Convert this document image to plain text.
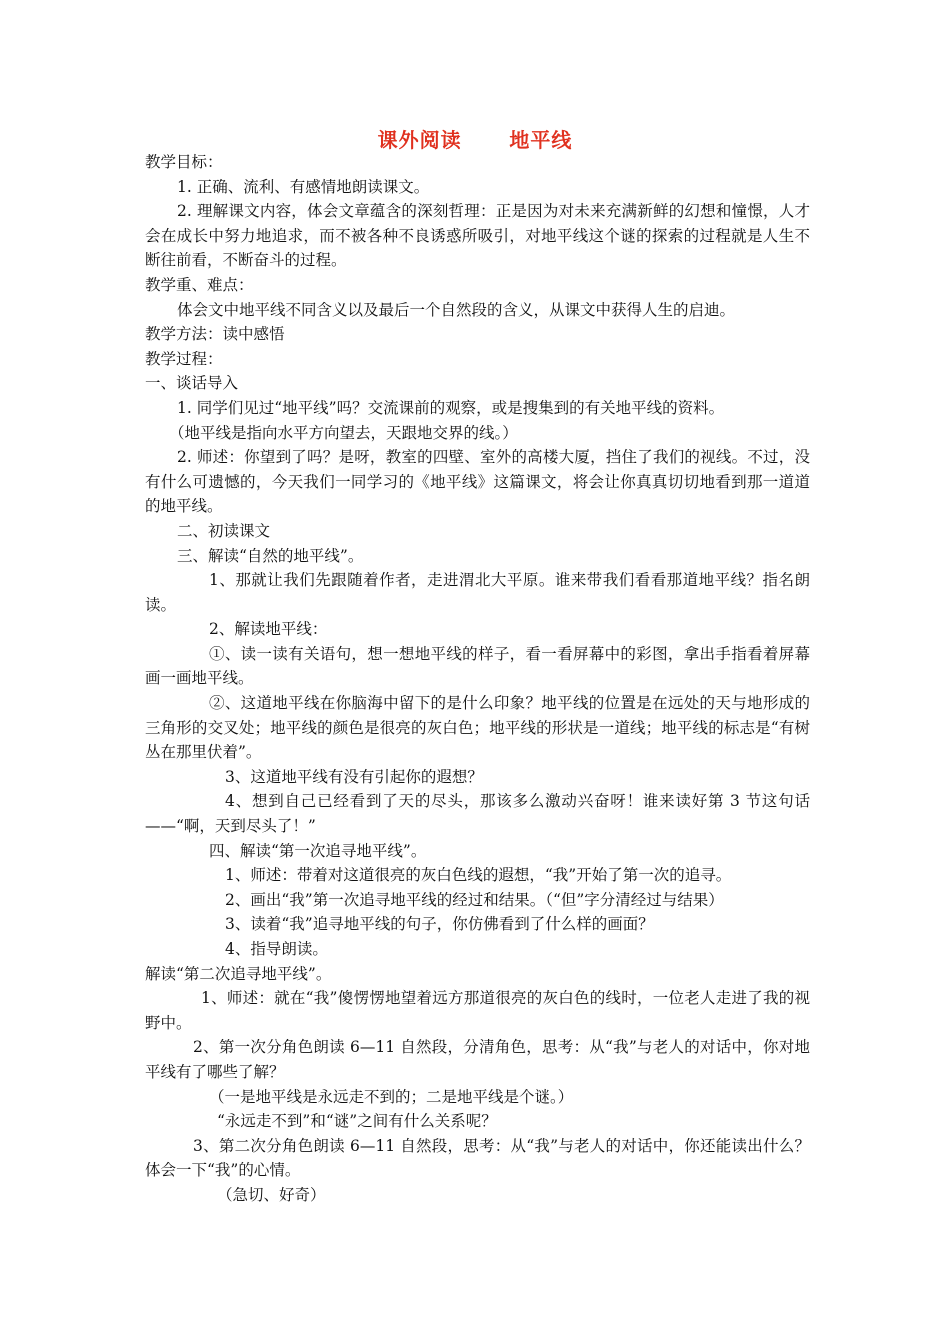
课外阅读      地平线

教学目标：

1. 正确、流利、有感情地朗读课文。

2. 理解课文内容，体会文章蕴含的深刻哲理：正是因为对未来充满新鲜的幻想和憧憬，人才会在成长中努力地追求，而不被各种不良诱惑所吸引，对地平线这个谜的探索的过程就是人生不断往前看，不断奋斗的过程。

教学重、难点：

体会文中地平线不同含义以及最后一个自然段的含义，从课文中获得人生的启迪。

教学方法：读中感悟

教学过程：

一、谈话导入

1. 同学们见过“地平线”吗？交流课前的观察，或是搜集到的有关地平线的资料。

（地平线是指向水平方向望去，天跟地交界的线。）

2. 师述：你望到了吗？是呀，教室的四壁、室外的高楼大厦，挡住了我们的视线。不过，没有什么可遗憾的，今天我们一同学习的《地平线》这篇课文，将会让你真真切切地看到那一道道的地平线。

二、初读课文

三、解读“自然的地平线”。

1、那就让我们先跟随着作者，走进渭北大平原。谁来带我们看看那道地平线？指名朗读。

2、解读地平线：

①、读一读有关语句，想一想地平线的样子，看一看屏幕中的彩图，拿出手指看着屏幕画一画地平线。

②、这道地平线在你脑海中留下的是什么印象？地平线的位置是在远处的天与地形成的三角形的交叉处；地平线的颜色是很亮的灰白色；地平线的形状是一道线；地平线的标志是“有树丛在那里伏着”。

3、这道地平线有没有引起你的遐想？

4、想到自己已经看到了天的尽头，那该多么激动兴奋呀！谁来读好第 3 节这句话——“啊，天到尽头了！”

四、解读“第一次追寻地平线”。

1、师述：带着对这道很亮的灰白色线的遐想，“我”开始了第一次的追寻。

2、画出“我”第一次追寻地平线的经过和结果。（“但”字分清经过与结果）

3、读着“我”追寻地平线的句子，你仿佛看到了什么样的画面？

4、指导朗读。

解读“第二次追寻地平线”。

1、师述：就在“我”傻愣愣地望着远方那道很亮的灰白色的线时，一位老人走进了我的视野中。

2、第一次分角色朗读 6—11 自然段，分清角色，思考：从“我”与老人的对话中，你对地平线有了哪些了解？

（一是地平线是永远走不到的；二是地平线是个谜。）

“永远走不到”和“谜”之间有什么关系呢？

3、第二次分角色朗读 6—11 自然段，思考：从“我”与老人的对话中，你还能读出什么？体会一下“我”的心情。

（急切、好奇）
